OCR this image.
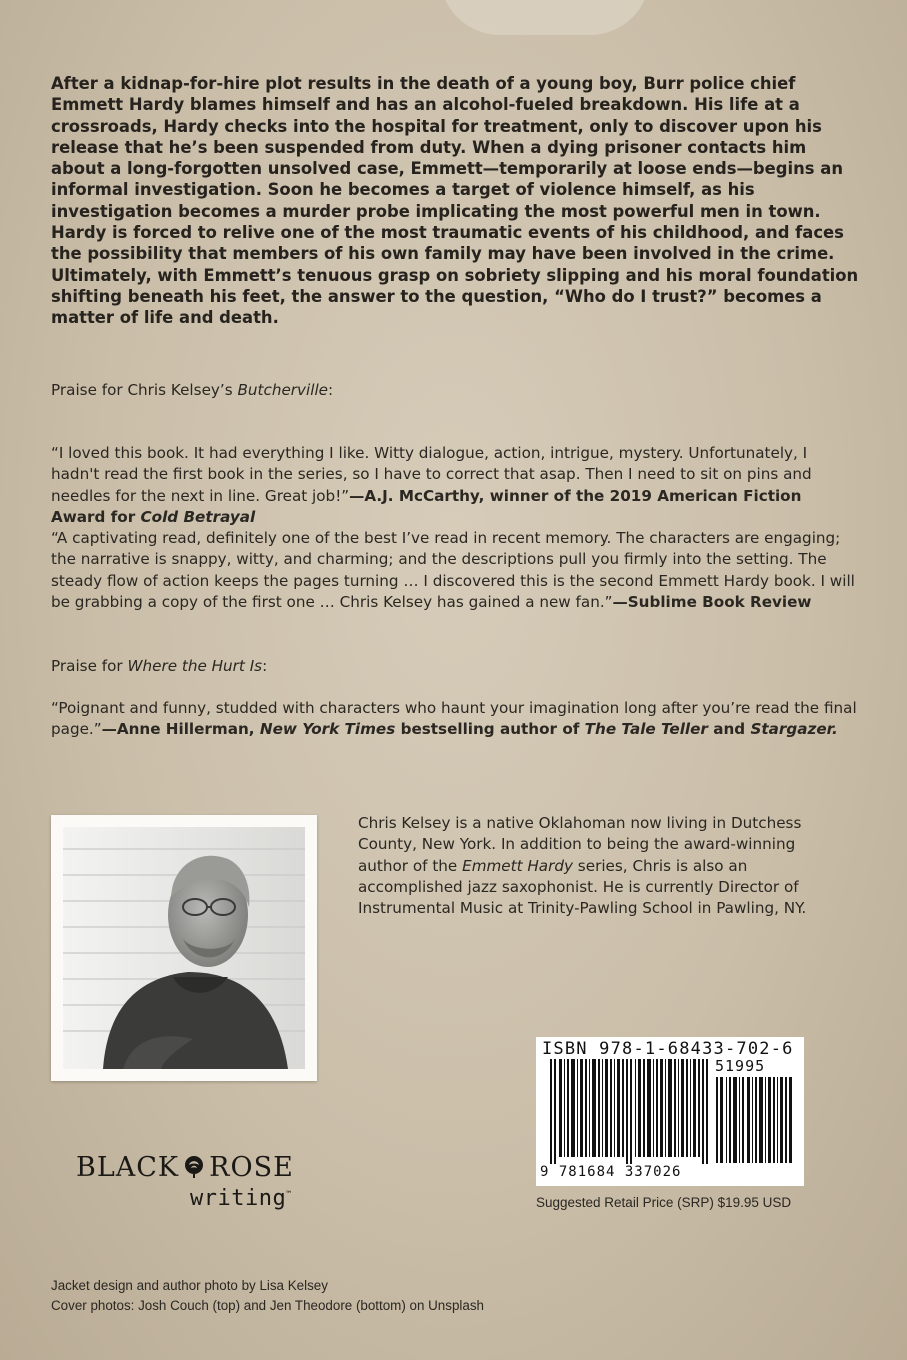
After a kidnap-for-hire plot results in the death of a young boy, Burr police chief Emmett Hardy blames himself and has an alcohol-fueled breakdown. His life at a crossroads, Hardy checks into the hospital for treatment, only to discover upon his release that he’s been suspended from duty. When a dying prisoner contacts him about a long-forgotten unsolved case, Emmett—temporarily at loose ends—begins an informal investigation. Soon he becomes a target of violence himself, as his investigation becomes a murder probe implicating the most powerful men in town. Hardy is forced to relive one of the most traumatic events of his childhood, and faces the possibility that members of his own family may have been involved in the crime. Ultimately, with Emmett’s tenuous grasp on sobriety slipping and his moral foundation shifting beneath his feet, the answer to the question, “Who do I trust?” becomes a matter of life and death.
Praise for Chris Kelsey’s Butcherville:
“I loved this book. It had everything I like. Witty dialogue, action, intrigue, mystery. Unfortunately, I hadn't read the first book in the series, so I have to correct that asap. Then I need to sit on pins and needles for the next in line. Great job!”—A.J. McCarthy, winner of the 2019 American Fiction Award for Cold Betrayal
“A captivating read, definitely one of the best I’ve read in recent memory. The characters are engaging; the narrative is snappy, witty, and charming; and the descriptions pull you firmly into the setting. The steady flow of action keeps the pages turning … I discovered this is the second Emmett Hardy book. I will be grabbing a copy of the first one … Chris Kelsey has gained a new fan.”—Sublime Book Review
Praise for Where the Hurt Is:
“Poignant and funny, studded with characters who haunt your imagination long after you’re read the final page.”—Anne Hillerman, New York Times bestselling author of The Tale Teller and Stargazer.
Chris Kelsey is a native Oklahoman now living in Dutchess County, New York. In addition to being the award-winning author of the Emmett Hardy series, Chris is also an accomplished jazz saxophonist. He is currently Director of Instrumental Music at Trinity-Pawling School in Pawling, NY.
ISBN 978-1-68433-702-6
51995
9 781684 337026
Suggested Retail Price (SRP) $19.95 USD
BLACK ROSE
writing™
Jacket design and author photo by Lisa Kelsey
Cover photos: Josh Couch (top) and Jen Theodore (bottom) on Unsplash
